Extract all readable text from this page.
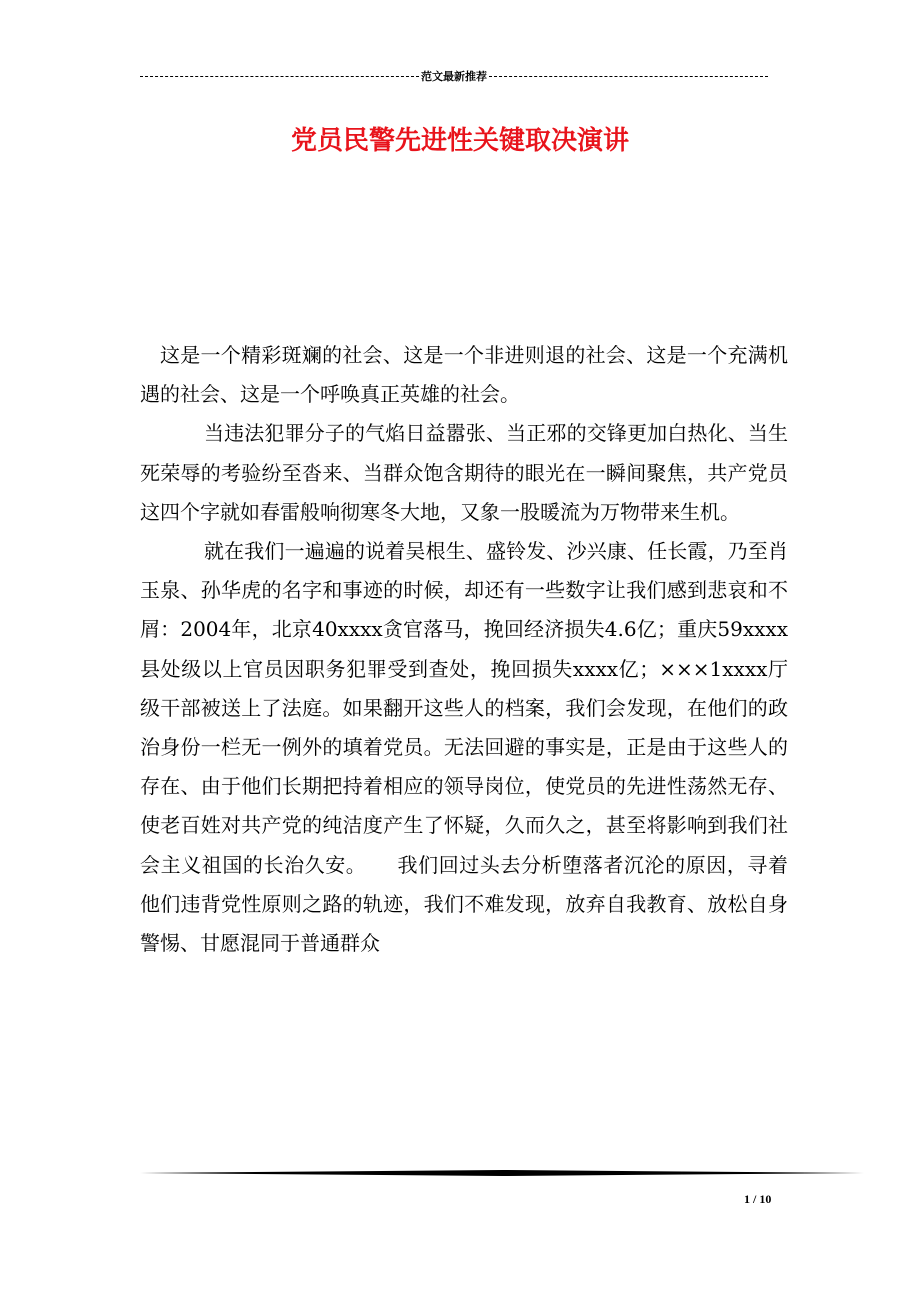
范文最新推荐
党员民警先进性关键取决演讲

这是一个精彩斑斓的社会、这是一个非进则退的社会、这是一个充满机遇的社会、这是一个呼唤真正英雄的社会。

当违法犯罪分子的气焰日益嚣张、当正邪的交锋更加白热化、当生死荣辱的考验纷至沓来、当群众饱含期待的眼光在一瞬间聚焦，共产党员这四个字就如春雷般响彻寒冬大地，又象一股暖流为万物带来生机。

就在我们一遍遍的说着吴根生、盛铃发、沙兴康、任长霞，乃至肖玉泉、孙华虎的名字和事迹的时候，却还有一些数字让我们感到悲哀和不屑：2004年，北京40xxxx贪官落马，挽回经济损失4.6亿；重庆59xxxx县处级以上官员因职务犯罪受到查处，挽回损失xxxx亿；×××1xxxx厅级干部被送上了法庭。如果翻开这些人的档案，我们会发现，在他们的政治身份一栏无一例外的填着党员。无法回避的事实是，正是由于这些人的存在、由于他们长期把持着相应的领导岗位，使党员的先进性荡然无存、使老百姓对共产党的纯洁度产生了怀疑，久而久之，甚至将影响到我们社会主义祖国的长治久安。　　我们回过头去分析堕落者沉沦的原因，寻着他们违背党性原则之路的轨迹，我们不难发现，放弃自我教育、放松自身警惕、甘愿混同于普通群众

1 / 10
